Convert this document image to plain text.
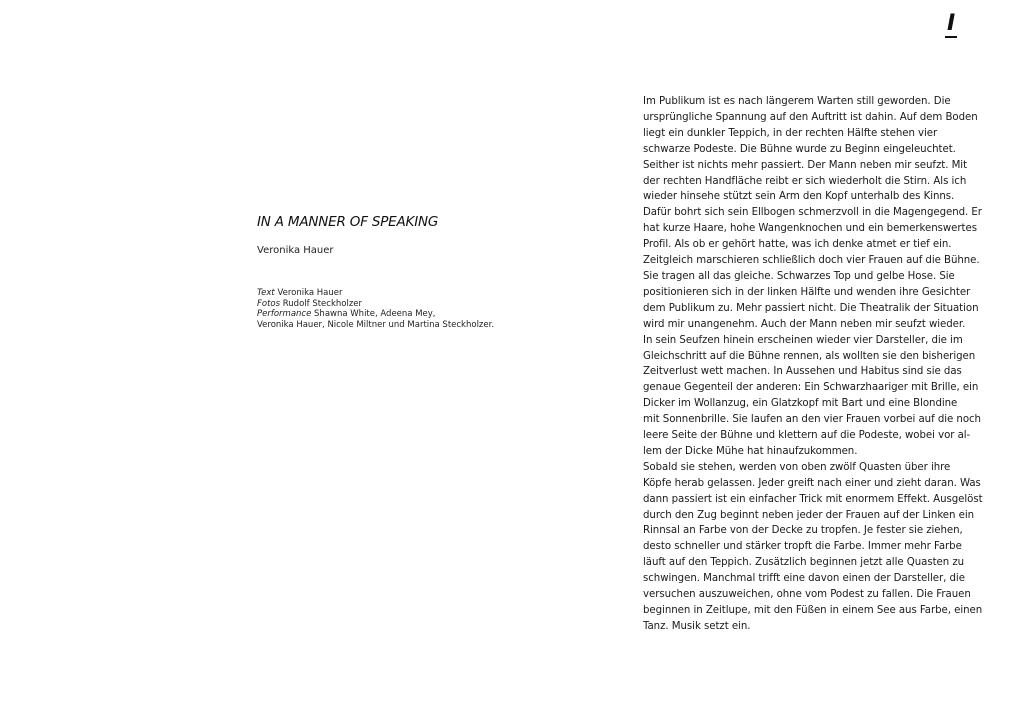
I
IN A MANNER OF SPEAKING
Veronika Hauer
Text Veronika Hauer
Fotos Rudolf Steckholzer
Performance Shawna White, Adeena Mey,
Veronika Hauer, Nicole Miltner und Martina Steckholzer.
Im Publikum ist es nach längerem Warten still geworden. Die
ursprüngliche Spannung auf den Auftritt ist dahin. Auf dem Boden
liegt ein dunkler Teppich, in der rechten Hälfte stehen vier
schwarze Podeste. Die Bühne wurde zu Beginn eingeleuchtet.
Seither ist nichts mehr passiert. Der Mann neben mir seufzt. Mit
der rechten Handfläche reibt er sich wiederholt die Stirn. Als ich
wieder hinsehe stützt sein Arm den Kopf unterhalb des Kinns.
Dafür bohrt sich sein Ellbogen schmerzvoll in die Magengegend. Er
hat kurze Haare, hohe Wangenknochen und ein bemerkenswertes
Profil. Als ob er gehört hatte, was ich denke atmet er tief ein.
Zeitgleich marschieren schließlich doch vier Frauen auf die Bühne.
Sie tragen all das gleiche. Schwarzes Top und gelbe Hose. Sie
positionieren sich in der linken Hälfte und wenden ihre Gesichter
dem Publikum zu. Mehr passiert nicht. Die Theatralik der Situation
wird mir unangenehm. Auch der Mann neben mir seufzt wieder.
In sein Seufzen hinein erscheinen wieder vier Darsteller, die im
Gleichschritt auf die Bühne rennen, als wollten sie den bisherigen
Zeitverlust wett machen. In Aussehen und Habitus sind sie das
genaue Gegenteil der anderen: Ein Schwarzhaariger mit Brille, ein
Dicker im Wollanzug, ein Glatzkopf mit Bart und eine Blondine
mit Sonnenbrille. Sie laufen an den vier Frauen vorbei auf die noch
leere Seite der Bühne und klettern auf die Podeste, wobei vor al-
lem der Dicke Mühe hat hinaufzukommen.
Sobald sie stehen, werden von oben zwölf Quasten über ihre
Köpfe herab gelassen. Jeder greift nach einer und zieht daran. Was
dann passiert ist ein einfacher Trick mit enormem Effekt. Ausgelöst
durch den Zug beginnt neben jeder der Frauen auf der Linken ein
Rinnsal an Farbe von der Decke zu tropfen. Je fester sie ziehen,
desto schneller und stärker tropft die Farbe. Immer mehr Farbe
läuft auf den Teppich. Zusätzlich beginnen jetzt alle Quasten zu
schwingen. Manchmal trifft eine davon einen der Darsteller, die
versuchen auszuweichen, ohne vom Podest zu fallen. Die Frauen
beginnen in Zeitlupe, mit den Füßen in einem See aus Farbe, einen
Tanz. Musik setzt ein.
